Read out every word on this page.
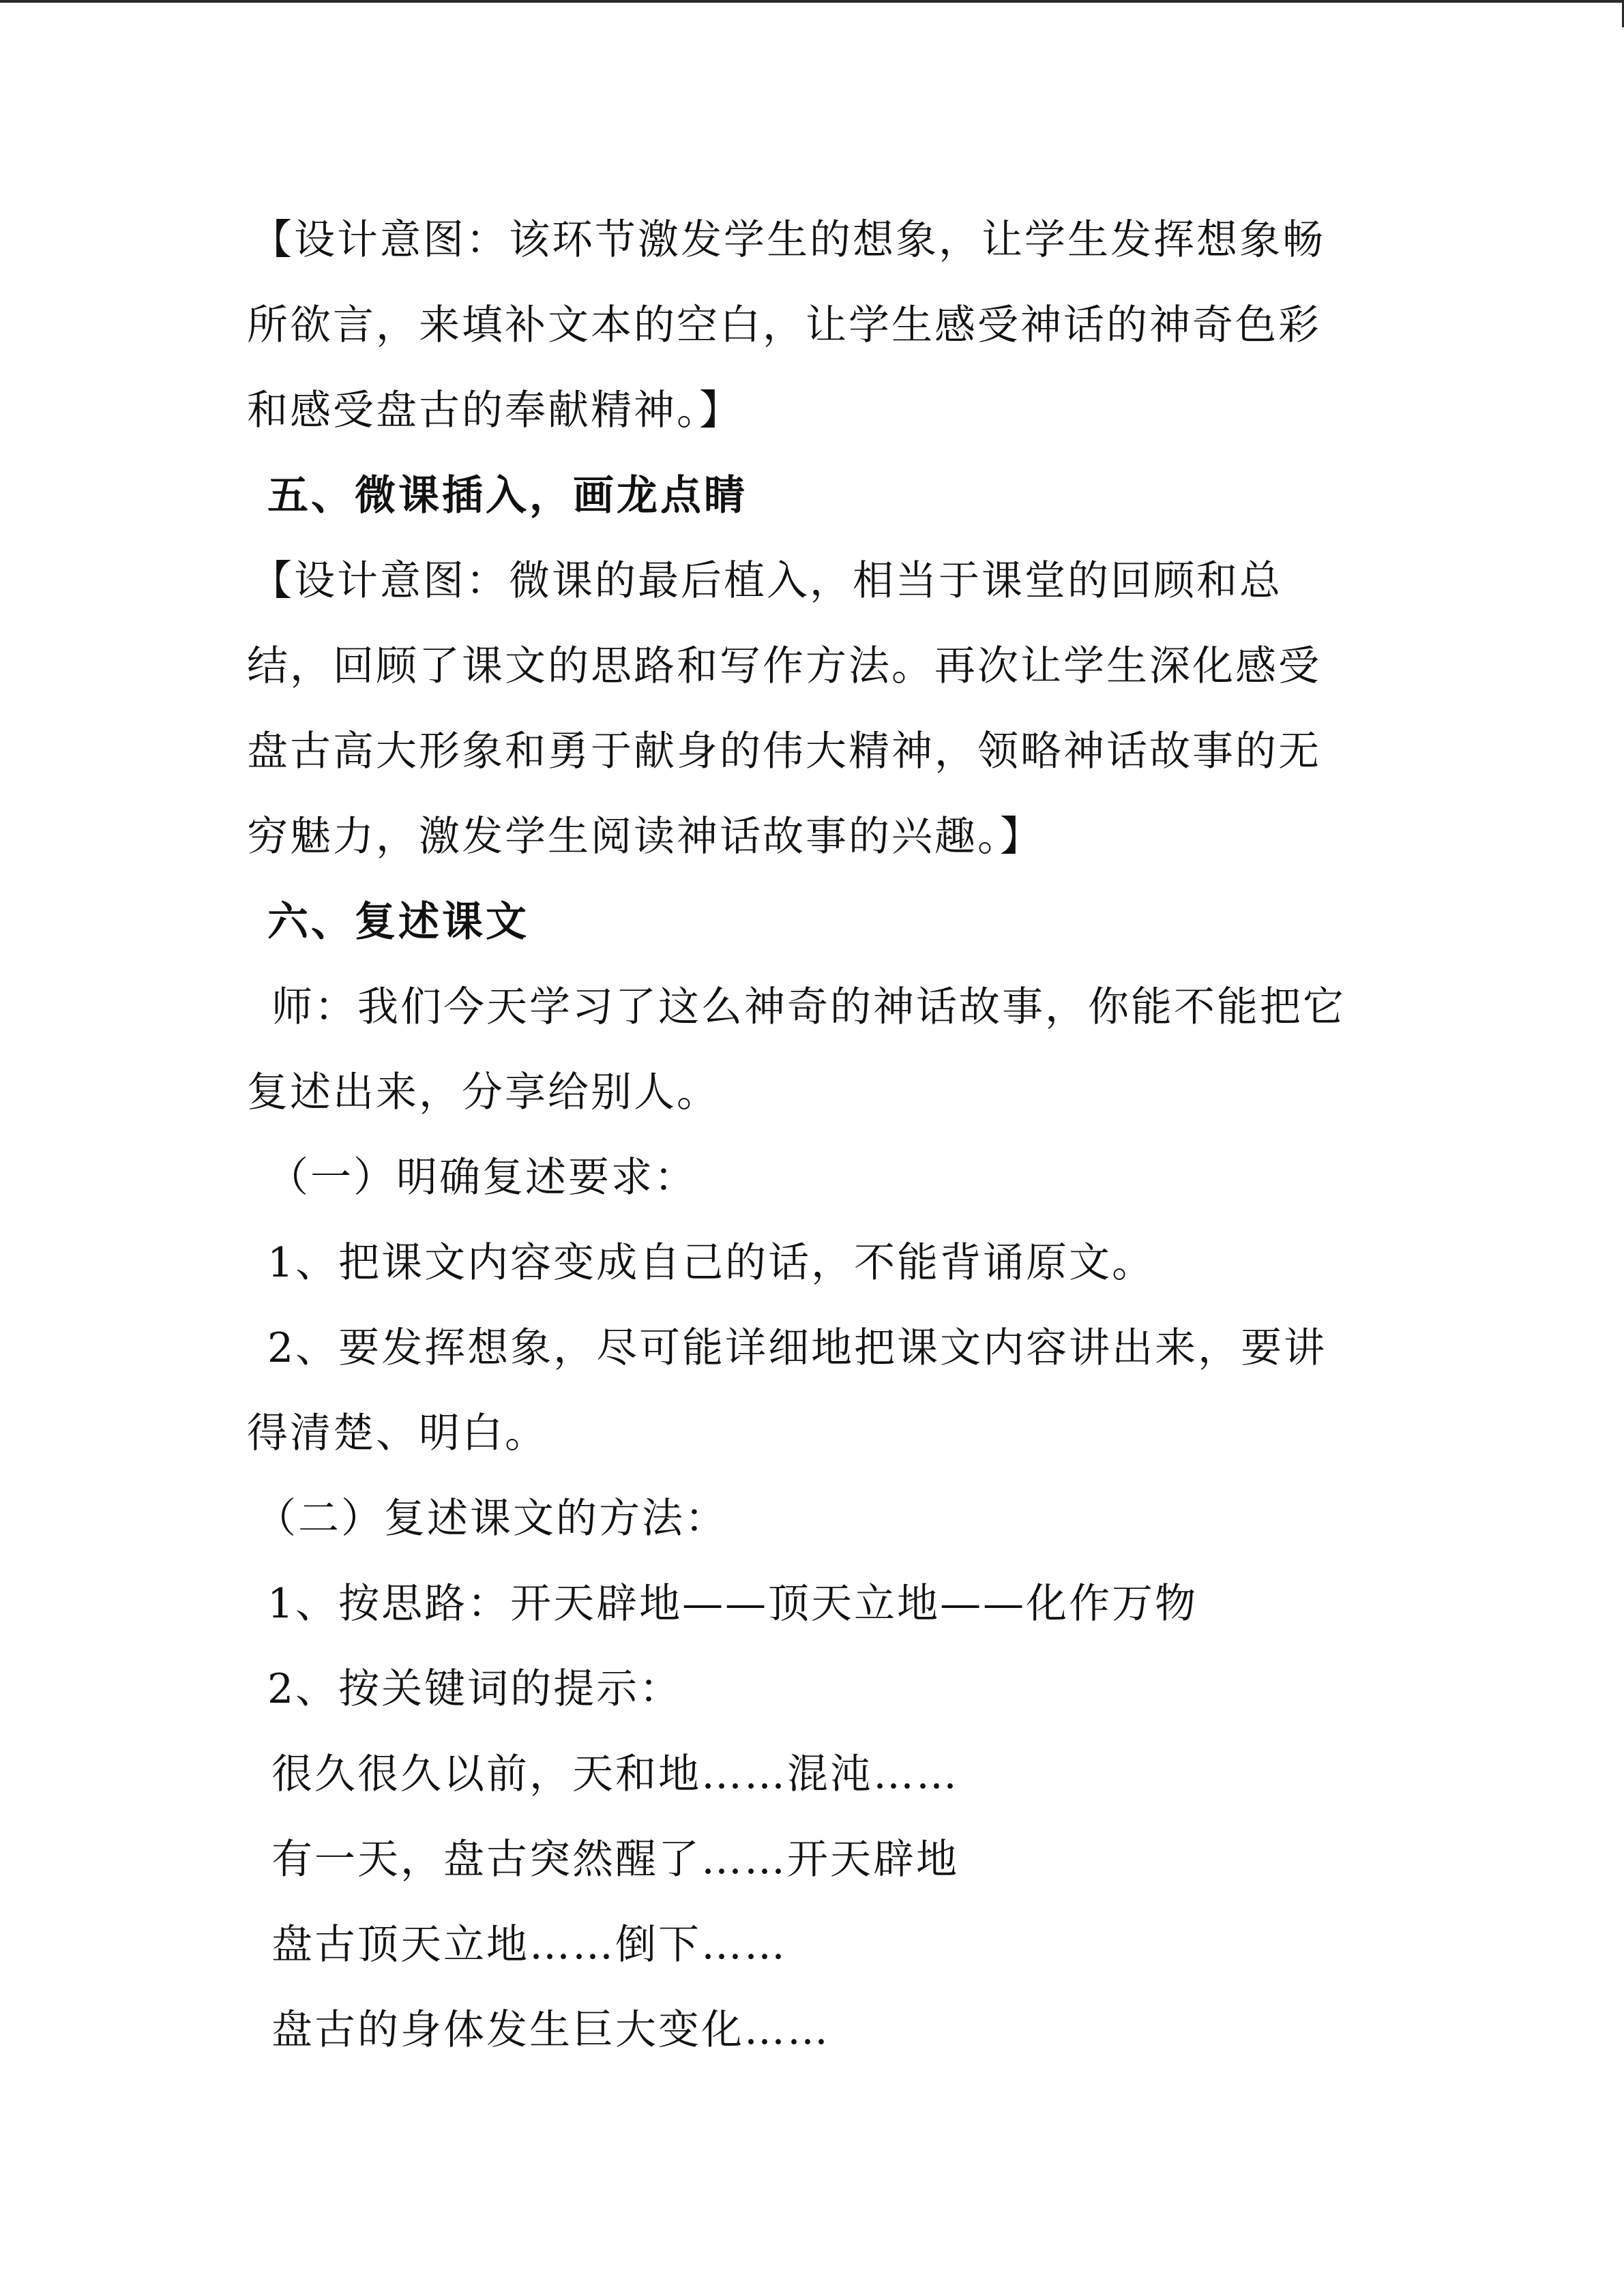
【设计意图：该环节激发学生的想象，让学生发挥想象畅
所欲言，来填补文本的空白，让学生感受神话的神奇色彩
和感受盘古的奉献精神。】
五、微课插入，画龙点睛
【设计意图：微课的最后植入，相当于课堂的回顾和总
结，回顾了课文的思路和写作方法。再次让学生深化感受
盘古高大形象和勇于献身的伟大精神，领略神话故事的无
穷魅力，激发学生阅读神话故事的兴趣。】
六、复述课文
师：我们今天学习了这么神奇的神话故事，你能不能把它
复述出来，分享给别人。
（一）明确复述要求：
1、把课文内容变成自己的话，不能背诵原文。
2、要发挥想象，尽可能详细地把课文内容讲出来，要讲
得清楚、明白。
（二）复述课文的方法：
1、按思路：开天辟地——顶天立地——化作万物
2、按关键词的提示：
很久很久以前，天和地……混沌……
有一天，盘古突然醒了……开天辟地
盘古顶天立地……倒下……
盘古的身体发生巨大变化……
